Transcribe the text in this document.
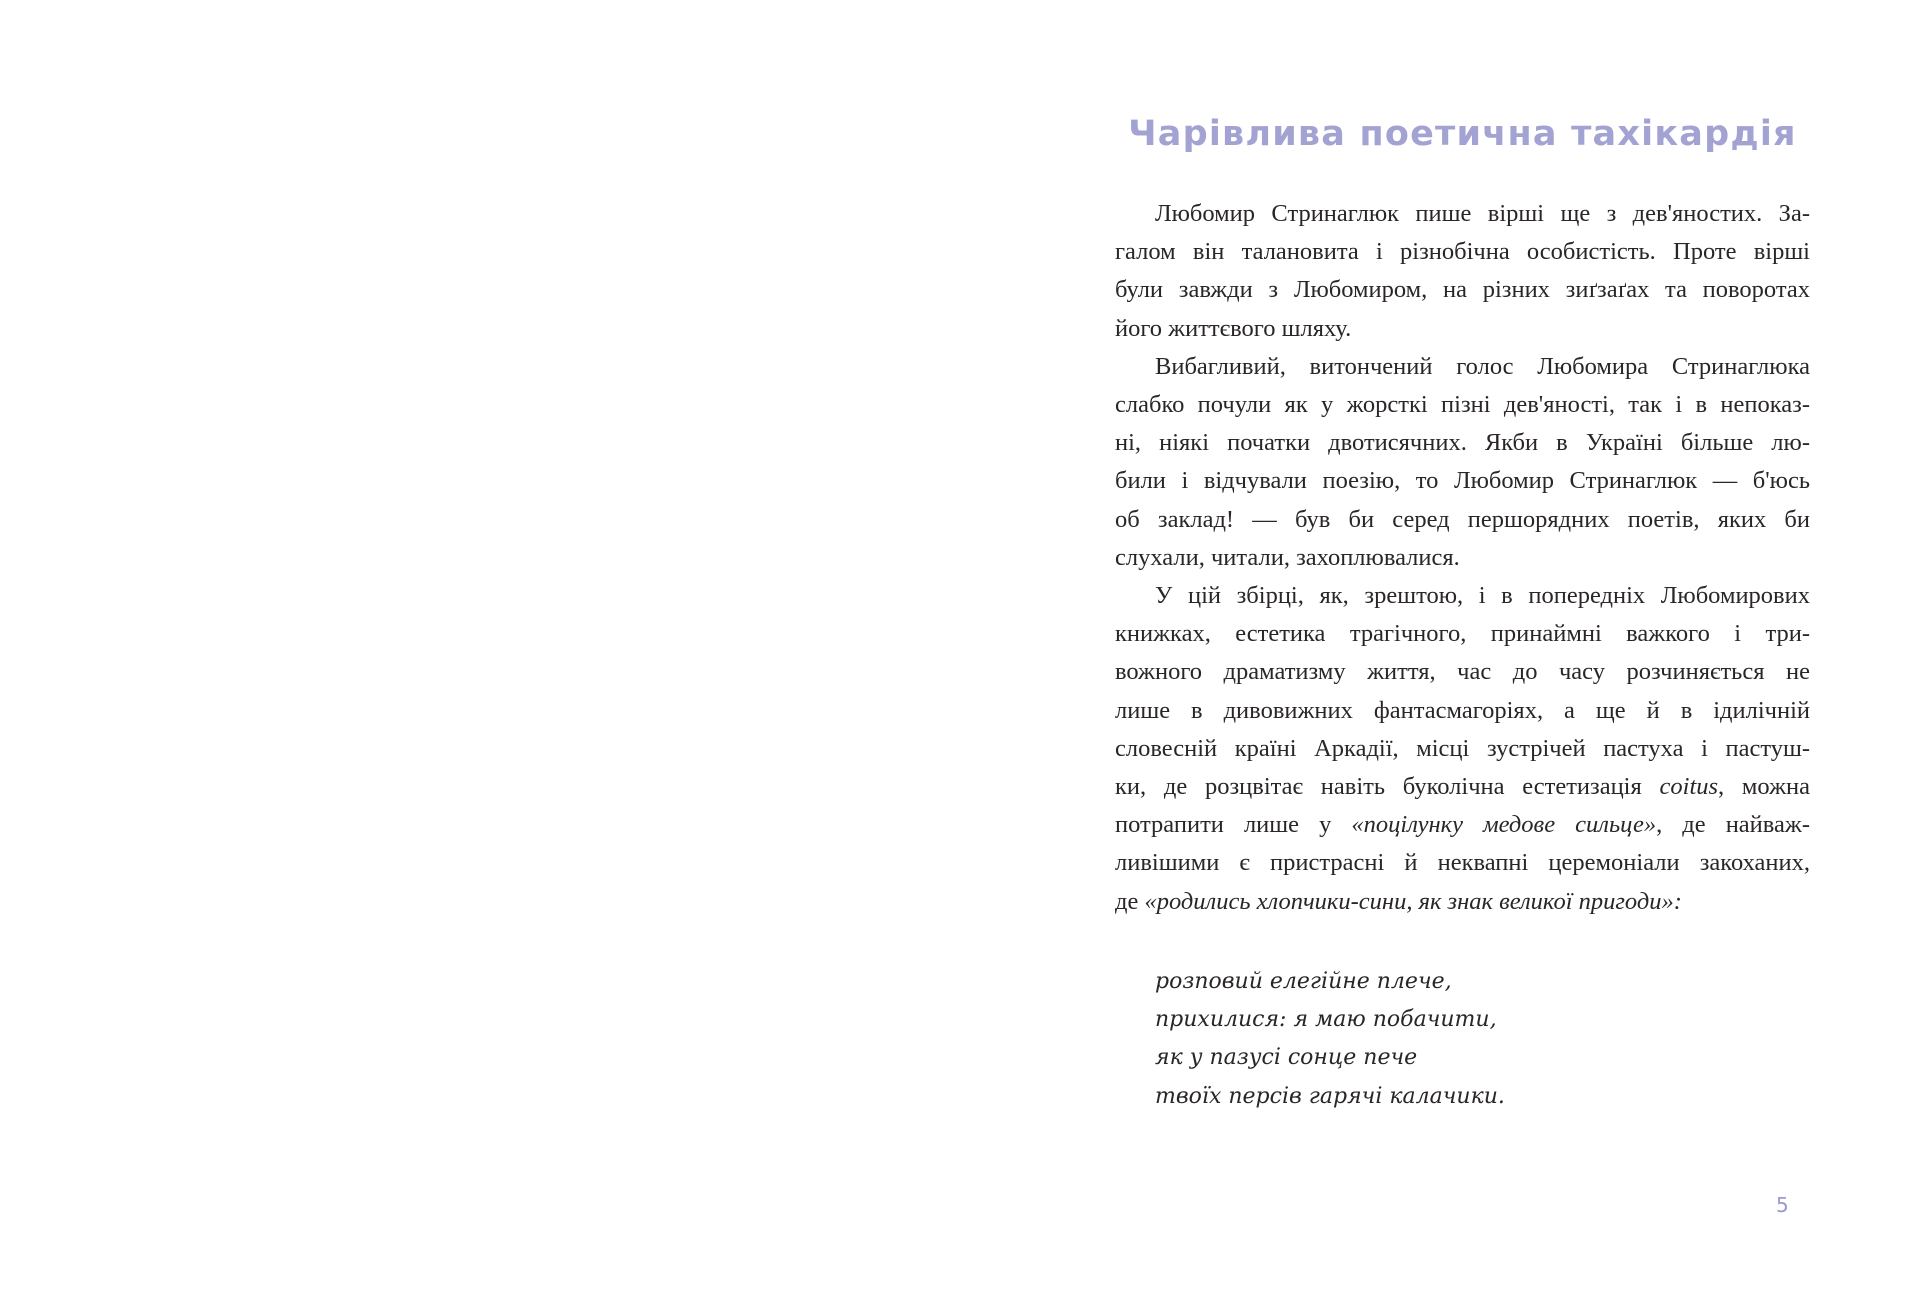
Чарівлива поетична тахікардія
Любомир Стринаглюк пише вірші ще з дев'яностих. За-
галом він талановита і різнобічна особистість. Проте вірші
були завжди з Любомиром, на різних зиґзаґах та поворотах
його життєвого шляху.
Вибагливий, витончений голос Любомира Стринаглюка
слабко почули як у жорсткі пізні дев'яності, так і в непоказ-
ні, ніякі початки двотисячних. Якби в Україні більше лю-
били і відчували поезію, то Любомир Стринаглюк — б'юсь
об заклад! — був би серед першорядних поетів, яких би
слухали, читали, захоплювалися.
У цій збірці, як, зрештою, і в попередніх Любомирових
книжках, естетика трагічного, принаймні важкого і три-
вожного драматизму життя, час до часу розчиняється не
лише в дивовижних фантасмагоріях, а ще й в ідилічній
словесній країні Аркадії, місці зустрічей пастуха і пастуш-
ки, де розцвітає навіть буколічна естетизація coitus, можна
потрапити лише у «поцілунку медове сильце», де найваж-
ливішими є пристрасні й неквапні церемоніали закоханих,
де «родились хлопчики-сини, як знак великої пригоди»:
розповий елегійне плече,
прихилися: я маю побачити,
як у пазусі сонце пече
твоїх персів гарячі калачики.
5
